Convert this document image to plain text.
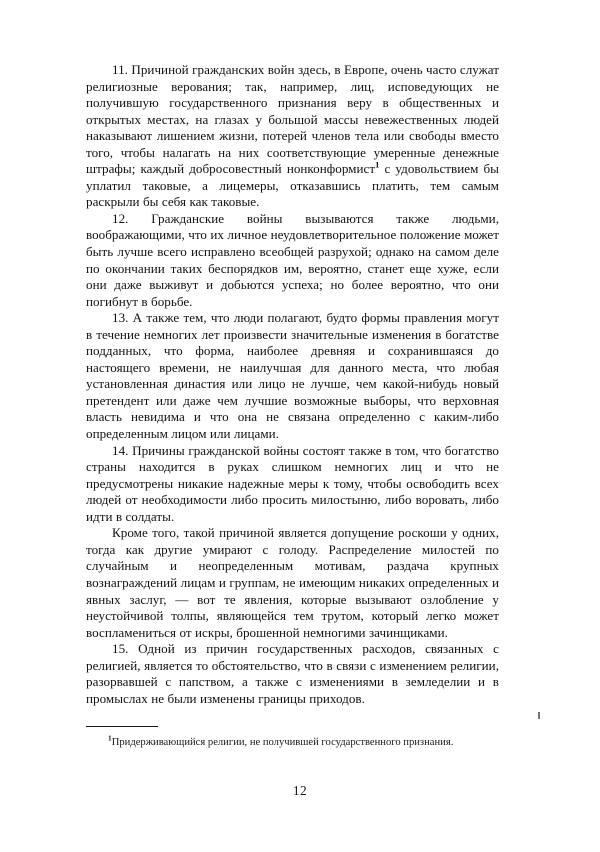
11. Причиной гражданских войн здесь, в Европе, очень часто служат религиозные верования; так, например, лиц, исповедующих не получившую государственного признания веру в общественных и открытых местах, на глазах у большой массы невежественных людей наказывают лишением жизни, потерей членов тела или свободы вместо того, чтобы налагать на них соответствующие умеренные денежные штрафы; каждый добросовестный нонконформист$^1$ с удовольствием бы уплатил таковые, а лицемеры, отказавшись платить, тем самым раскрыли бы себя как таковые.

12. Гражданские войны вызываются также людьми, воображающими, что их личное неудовлетворительное положение может быть лучше всего исправлено всеобщей разрухой; однако на самом деле по окончании таких беспорядков им, вероятно, станет еще хуже, если они даже выживут и добьются успеха; но более вероятно, что они погибнут в борьбе.

13. А также тем, что люди полагают, будто формы правления могут в течение немногих лет произвести значительные изменения в богатстве подданных, что форма, наиболее древняя и сохранившаяся до настоящего времени, не наилучшая для данного места, что любая установленная династия или лицо не лучше, чем какой-нибудь новый претендент или даже чем лучшие возможные выборы, что верховная власть невидима и что она не связана определенно с каким-либо определенным лицом или лицами.

14. Причины гражданской войны состоят также в том, что богатство страны находится в руках слишком немногих лиц и что не предусмотрены никакие надежные меры к тому, чтобы освободить всех людей от необходимости либо просить милостыню, либо воровать, либо идти в солдаты.

Кроме того, такой причиной является допущение роскоши у одних, тогда как другие умирают с голоду. Распределение милостей по случайным и неопределенным мотивам, раздача крупных вознаграждений лицам и группам, не имеющим никаких определенных и явных заслуг, — вот те явления, которые вызывают озлобление у неустойчивой толпы, являющейся тем трутом, который легко может воспламениться от искры, брошенной немногими зачинщиками.

15. Одной из причин государственных расходов, связанных с религией, является то обстоятельство, что в связи с изменением религии, разорвавшей с папством, а также с изменениями в земледелии и в промыслах не были изменены границы приходов.

$^1$Придерживающийся религии, не получившей государственного признания.

12
